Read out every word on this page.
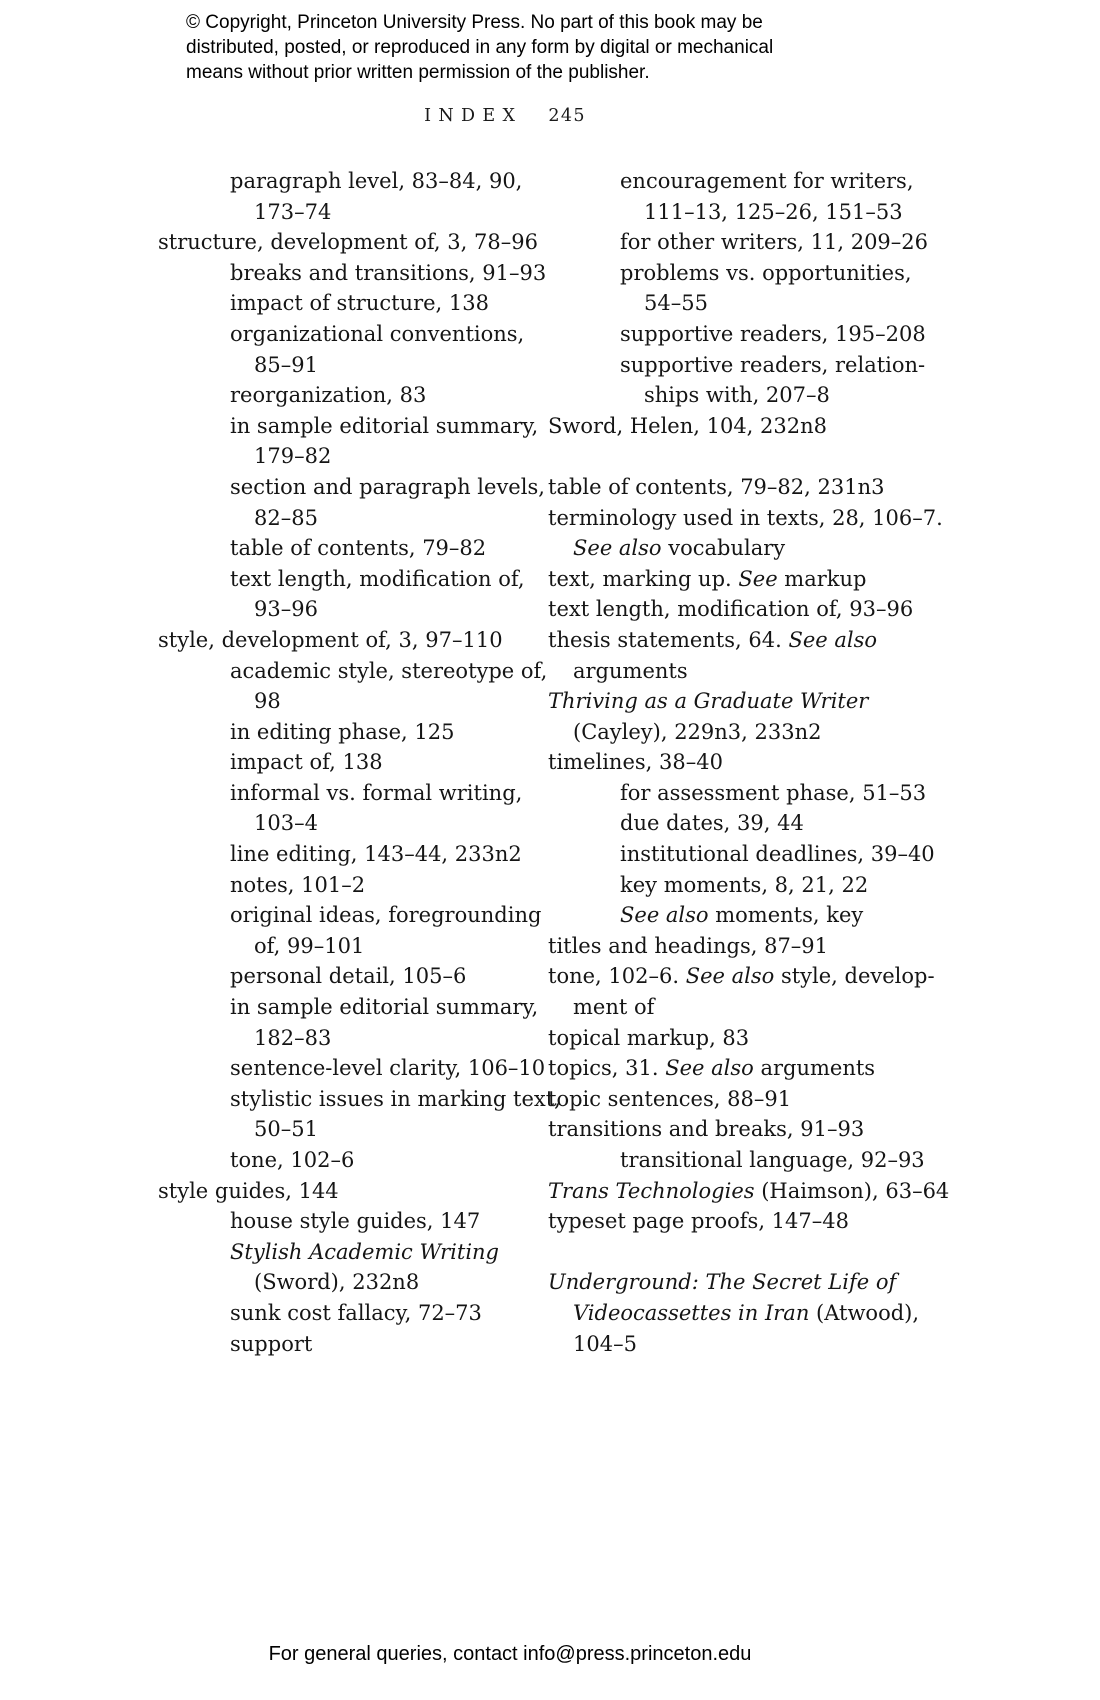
© Copyright, Princeton University Press. No part of this book may be
distributed, posted, or reproduced in any form by digital or mechanical
means without prior written permission of the publisher.
INDEX 245
paragraph level, 83–84, 90,
173–74
structure, development of, 3, 78–96
breaks and transitions, 91–93
impact of structure, 138
organizational conventions,
85–91
reorganization, 83
in sample editorial summary,
179–82
section and paragraph levels,
82–85
table of contents, 79–82
text length, modification of,
93–96
style, development of, 3, 97–110
academic style, stereotype of,
98
in editing phase, 125
impact of, 138
informal vs. formal writing,
103–4
line editing, 143–44, 233n2
notes, 101–2
original ideas, foregrounding
of, 99–101
personal detail, 105–6
in sample editorial summary,
182–83
sentence-level clarity, 106–10
stylistic issues in marking text,
50–51
tone, 102–6
style guides, 144
house style guides, 147
Stylish Academic Writing
(Sword), 232n8
sunk cost fallacy, 72–73
support
encouragement for writers,
111–13, 125–26, 151–53
for other writers, 11, 209–26
problems vs. opportunities,
54–55
supportive readers, 195–208
supportive readers, relation-
ships with, 207–8
Sword, Helen, 104, 232n8
table of contents, 79–82, 231n3
terminology used in texts, 28, 106–7.
See also vocabulary
text, marking up. See markup
text length, modification of, 93–96
thesis statements, 64. See also
arguments
Thriving as a Graduate Writer
(Cayley), 229n3, 233n2
timelines, 38–40
for assessment phase, 51–53
due dates, 39, 44
institutional deadlines, 39–40
key moments, 8, 21, 22
See also moments, key
titles and headings, 87–91
tone, 102–6. See also style, develop-
ment of
topical markup, 83
topics, 31. See also arguments
topic sentences, 88–91
transitions and breaks, 91–93
transitional language, 92–93
Trans Technologies (Haimson), 63–64
typeset page proofs, 147–48
Underground: The Secret Life of
Videocassettes in Iran (Atwood),
104–5
For general queries, contact info@press.princeton.edu
